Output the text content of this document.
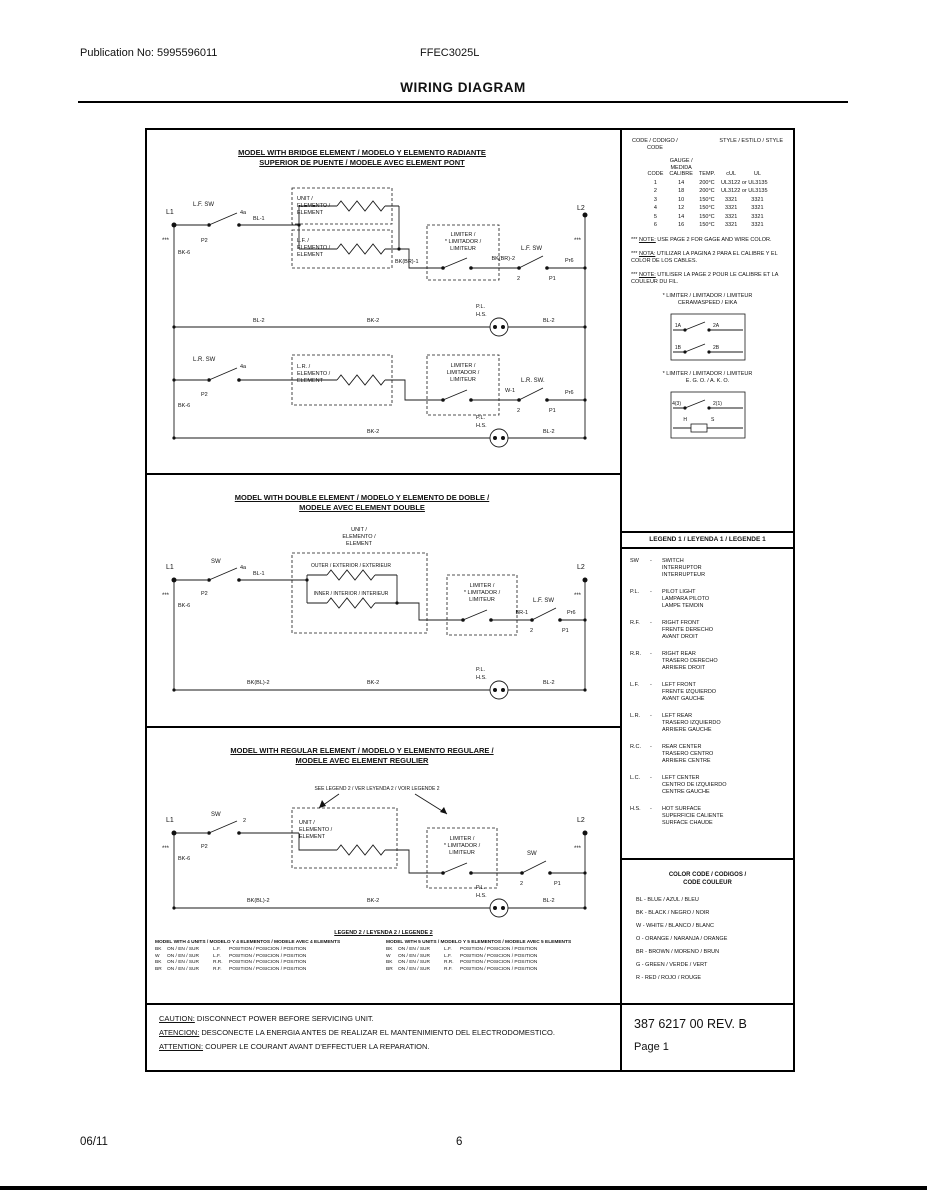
Publication No: 5995596011	FFEC3025L
WIRING DIAGRAM
L.F. SW
L1
***
BK-6
P2
4a
BL-1
UNIT /
ELEMENTO /
ELEMENT
L.F. /
ELEMENTO /
ELEMENT
LIMITER /
* LIMITADOR /
LIMITEUR
BK(BR)-1	BK(BR)-2
L.F. SW
2	P1
Pr6
L2
***
BL-2	BK-2
P.L.
H.S.
BL-2
L.R. SW
BK-6
P2
4a	L.R. /
ELEMENTO /
ELEMENT
LIMITER /
LIMITADOR /
LIMITEUR
W-1
L.R. SW.
2	P1
Pr6
BK-2
P.L.
H.S.
BL-2
MODEL WITH BRIDGE ELEMENT / MODELO Y ELEMENTO RADIANTE
SUPERIOR DE PUENTE / MODELE AVEC ELEMENT PONT
SW
L1
***
BK-6
P2
4a
BL-1
UNIT /
ELEMENTO /
ELEMENT
OUTER / EXTERIOR / EXTERIEUR
INNER / INTERIOR / INTERIEUR
LIMITER /
* LIMITADOR /
LIMITEUR	L.F. SW
BR-1
2	P1
Pr6
L2
***
BK(BL)-2	BK-2
P.L.
H.S.
BL-2
MODEL WITH DOUBLE ELEMENT / MODELO Y ELEMENTO DE DOBLE /
MODELE AVEC ELEMENT DOUBLE
SEE LEGEND 2 / VER LEYENDA 2 / VOIR LEGENDE 2
SW
L1
***
BK-6
P2
2	UNIT /
ELEMENTO /
ELEMENT	LIMITER /
* LIMITADOR /
LIMITEUR	SW
2	P1
L2
***
BK(BL)-2	BK-2
P.L.
H.S.
BL-2
MODEL WITH REGULAR ELEMENT / MODELO Y ELEMENTO REGULARE /
MODELE AVEC ELEMENT REGULIER
LEGEND 2 / LEYENDA 2 / LEGENDE 2
MODEL WITH 4 UNITS / MODELO Y 4 ELEMENTOS / MODELE AVEC 4 ELEMENTS
BK	ON / EN / SUR	L.F.	POSITION / POSICION / POSITION
W	ON / EN / SUR	L.F.	POSITION / POSICION / POSITION
BK	ON / EN / SUR	R.R.	POSITION / POSICION / POSITION
BR	ON / EN / SUR	R.F.	POSITION / POSICION / POSITION
MODEL WITH 5 UNITS / MODELO Y 5 ELEMENTOS / MODELE AVEC 5 ELEMENTS
BK	ON / EN / SUR	L.F.	POSITION / POSICION / POSITION
W	ON / EN / SUR	L.F.	POSITION / POSICION / POSITION
BK	ON / EN / SUR	R.R.	POSITION / POSICION / POSITION
BR	ON / EN / SUR	R.F.	POSITION / POSICION / POSITION
CAUTION: DISCONNECT POWER BEFORE SERVICING UNIT.
ATENCION: DESCONECTE LA ENERGIA ANTES DE REALIZAR EL MANTENIMIENTO DEL ELECTRODOMESTICO.
ATTENTION: COUPER LE COURANT AVANT D'EFFECTUER LA REPARATION.
CODE / CODIGO /
CODE
STYLE / ESTILO / STYLE
CODE	GAUGE /
MEDIDA
CALIBRE	TEMP.	cUL	UL
1	14	200°C	UL3122 or UL3135	
2	18	200°C	UL3122 or UL3135	
3	10	150°C	3321	3321
4	12	150°C	3321	3321
5	14	150°C	3321	3321
6	16	150°C	3321	3321
*** NOTE: USE PAGE 2 FOR GAGE AND WIRE COLOR.
*** NOTA: UTILIZAR LA PAGINA 2 PARA EL CALIBRE Y EL COLOR DE LOS CABLES.
*** NOTE: UTILISER LA PAGE 2 POUR LE CALIBRE ET LA COULEUR DU FIL.
* LIMITER / LIMITADOR / LIMITEUR
CERAMASPEED / EIKA
1A	2A
1B	2B
* LIMITER / LIMITADOR / LIMITEUR
E. G. O. / A. K. O.
4(3)	2(1)
H	S
LEGEND 1 / LEYENDA 1 / LEGENDE 1
SW	-	SWITCH
INTERRUPTOR
INTERRUPTEUR
P.L.	-	PILOT LIGHT
LAMPARA PILOTO
LAMPE TEMOIN
R.F.	-	RIGHT FRONT
FRENTE DERECHO
AVANT DROIT
R.R.	-	RIGHT REAR
TRASERO DERECHO
ARRIERE DROIT
L.F.	-	LEFT FRONT
FRENTE IZQUIERDO
AVANT GAUCHE
L.R.	-	LEFT REAR
TRASERO IZQUIERDO
ARRIERE GAUCHE
R.C.	-	REAR CENTER
TRASERO CENTRO
ARRIERE CENTRE
L.C.	-	LEFT CENTER
CENTRO DE IZQUIERDO
CENTRE GAUCHE
H.S.	-	HOT SURFACE
SUPERFICIE CALIENTE
SURFACE CHAUDE
COLOR CODE / CODIGOS /
CODE COULEUR
BL - BLUE / AZUL / BLEU
BK - BLACK / NEGRO / NOIR
W - WHITE / BLANCO / BLANC
O - ORANGE / NARANJA / ORANGE
BR - BROWN / MORENO / BRUN
G - GREEN / VERDE / VERT
R - RED / ROJO / ROUGE
387 6217 00 REV. B
Page 1
06/11	6
